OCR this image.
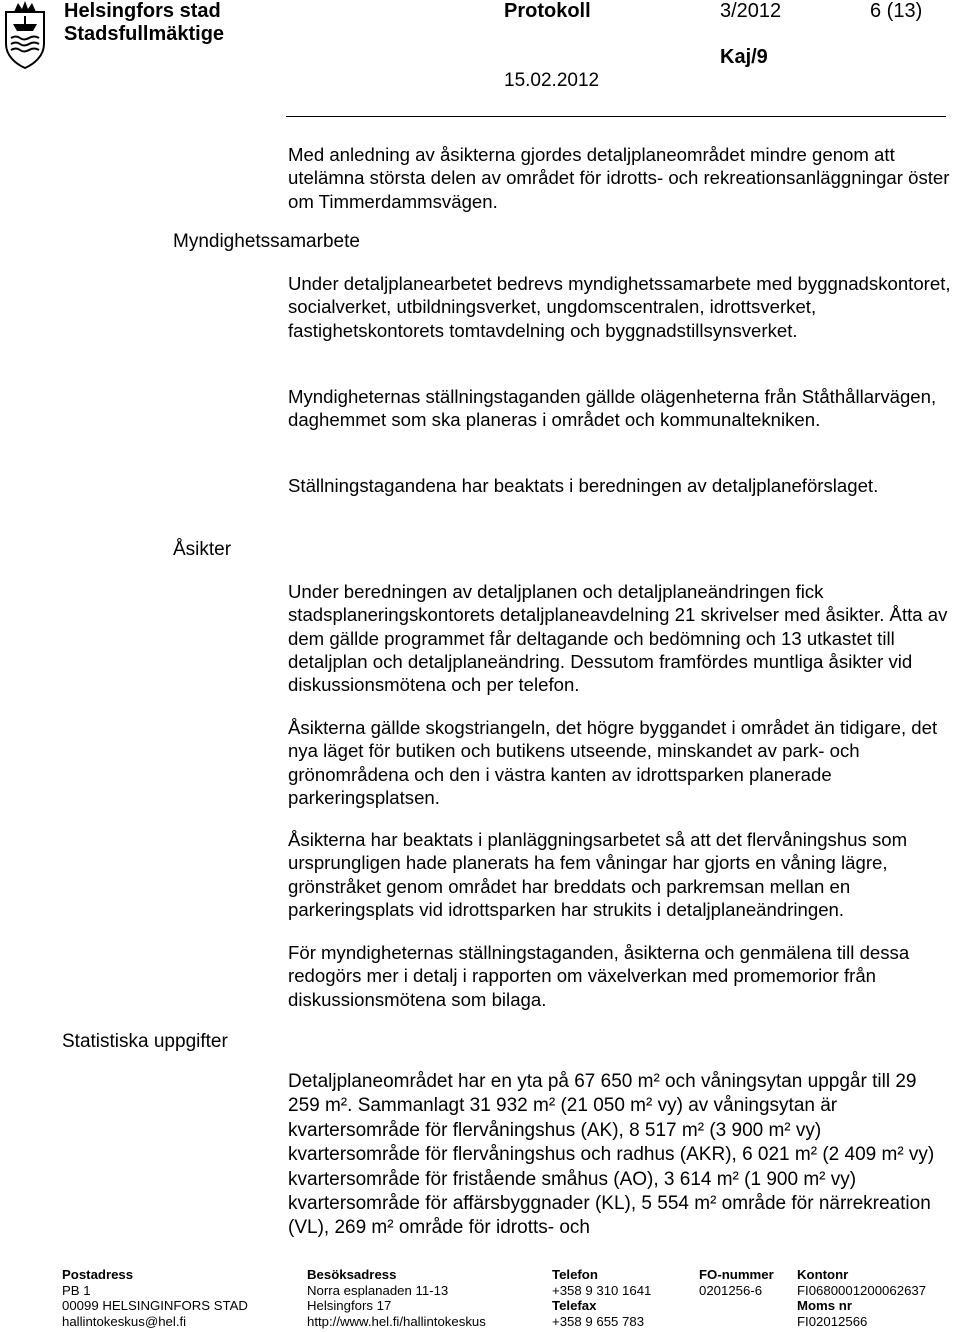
Helsingfors stad
Stadsfullmäktige
Protokoll	3/2012	6 (13)
Kaj/9
15.02.2012
Myndighetssamarbete
Åsikter
Statistiska uppgifter

Med anledning av åsikterna gjordes detaljplaneområdet mindre genom att utelämna största delen av området för idrotts- och rekreationsanläggningar öster om Timmerdammsvägen.

Under detaljplanearbetet bedrevs myndighetssamarbete med byggnadskontoret, socialverket, utbildningsverket, ungdomscentralen, idrottsverket, fastighetskontorets tomtavdelning och byggnadstillsynsverket.

Myndigheternas ställningstaganden gällde olägenheterna från Ståthållarvägen, daghemmet som ska planeras i området och kommunaltekniken.

Ställningstagandena har beaktats i beredningen av detaljplaneförslaget.

Under beredningen av detaljplanen och detaljplaneändringen fick stadsplaneringskontorets detaljplaneavdelning 21 skrivelser med åsikter. Åtta av dem gällde programmet får deltagande och bedömning och 13 utkastet till detaljplan och detaljplaneändring. Dessutom framfördes muntliga åsikter vid diskussionsmötena och per telefon.

Åsikterna gällde skogstriangeln, det högre byggandet i området än tidigare, det nya läget för butiken och butikens utseende, minskandet av park- och grönområdena och den i västra kanten av idrottsparken planerade parkeringsplatsen.

Åsikterna har beaktats i planläggningsarbetet så att det flervåningshus som ursprungligen hade planerats ha fem våningar har gjorts en våning lägre, grönstråket genom området har breddats och parkremsan mellan en parkeringsplats vid idrottsparken har strukits i detaljplaneändringen.

För myndigheternas ställningstaganden, åsikterna och genmälena till dessa redogörs mer i detalj i rapporten om växelverkan med promemorior från diskussionsmötena som bilaga.

Detaljplaneområdet har en yta på 67 650 m² och våningsytan uppgår till 29 259 m². Sammanlagt 31 932 m² (21 050 m² vy) av våningsytan är kvartersområde för flervåningshus (AK), 8 517 m² (3 900 m² vy) kvartersområde för flervåningshus och radhus (AKR), 6 021 m² (2 409 m² vy) kvartersområde för fristående småhus (AO), 3 614 m² (1 900 m² vy) kvartersområde för affärsbyggnader (KL), 5 554 m² område för närrekreation (VL), 269 m² område för idrotts- och

Postadress
PB 1
00099 HELSINGINFORS STAD
hallintokeskus@hel.fi
Besöksadress
Norra esplanaden 11-13
Helsingfors 17
http://www.hel.fi/hallintokeskus
Telefon
+358 9 310 1641
Telefax
+358 9 655 783
FO-nummer
0201256-6
Kontonr
FI0680001200062637
Moms nr
FI02012566
